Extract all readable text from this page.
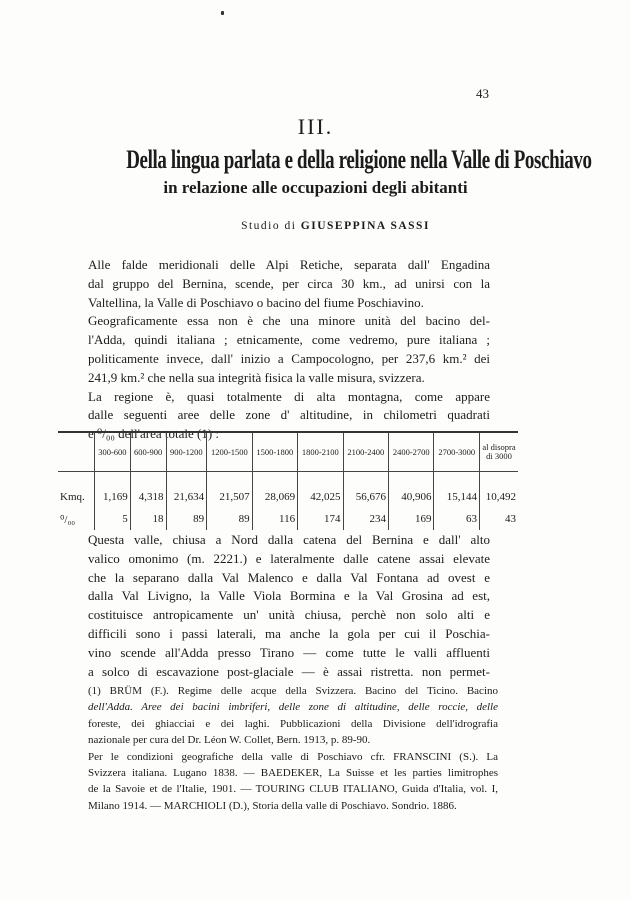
43
III.
Della lingua parlata e della religione nella Valle di Poschiavo
in relazione alle occupazioni degli abitanti
Studio di GIUSEPPINA SASSI

Alle falde meridionali delle Alpi Retiche, separata dall' Engadina

dal gruppo del Bernina, scende, per circa 30 km., ad unirsi con la

Valtellina, la Valle di Poschiavo o bacino del fiume Poschiavino.

Geograficamente essa non è che una minore unità del bacino del-

l'Adda, quindi italiana ; etnicamente, come vedremo, pure italiana ;

politicamente invece, dall' inizio a Campocologno, per 237,6 km.² dei

241,9 km.² che nella sua integrità fisica la valle misura, svizzera.

La regione è, quasi totalmente di alta montagna, come appare

dalle seguenti aree delle zone d' altitudine, in chilometri quadrati

e ⁰/₀₀ dell'area totale (1) :

	300-600	600-900	900-1200	1200-1500	1500-1800	1800-2100	2100-2400	2400-2700	2700-3000	al disopra di 3000

Kmq.	1,169	4,318	21,634	21,507	28,069	42,025	56,676	40,906	15,144	10,492
⁰/₀₀	5	18	89	89	116	174	234	169	63	43

Questa valle, chiusa a Nord dalla catena del Bernina e dall' alto

valico omonimo (m. 2221.) e lateralmente dalle catene assai elevate

che la separano dalla Val Malenco e dalla Val Fontana ad ovest e

dalla Val Livigno, la Valle Viola Bormina e la Val Grosina ad est,

costituisce antropicamente un' unità chiusa, perchè non solo alti e

difficili sono i passi laterali, ma anche la gola per cui il Poschia-

vino scende all'Adda presso Tirano — come tutte le valli affluenti

a solco di escavazione post-glaciale — è assai ristretta. non permet-

(1) BRÜM (F.). Regime delle acque della Svizzera. Bacino del Ticino. Bacino

dell'Adda. Aree dei bacini imbriferi, delle zone di altitudine, delle roccie, delle

foreste, dei ghiacciai e dei laghi. Pubblicazioni della Divisione dell'idrografia

nazionale per cura del Dr. Léon W. Collet, Bern. 1913, p. 89-90.

Per le condizioni geografiche della valle di Poschiavo cfr. FRANSCINI (S.). La

Svizzera italiana. Lugano 1838. — BAEDEKER, La Suisse et les parties limitrophes

de la Savoie et de l'Italie, 1901. — TOURING CLUB ITALIANO, Guida d'Italia, vol. I,

Milano 1914. — MARCHIOLI (D.), Storia della valle di Poschiavo. Sondrio. 1886.
